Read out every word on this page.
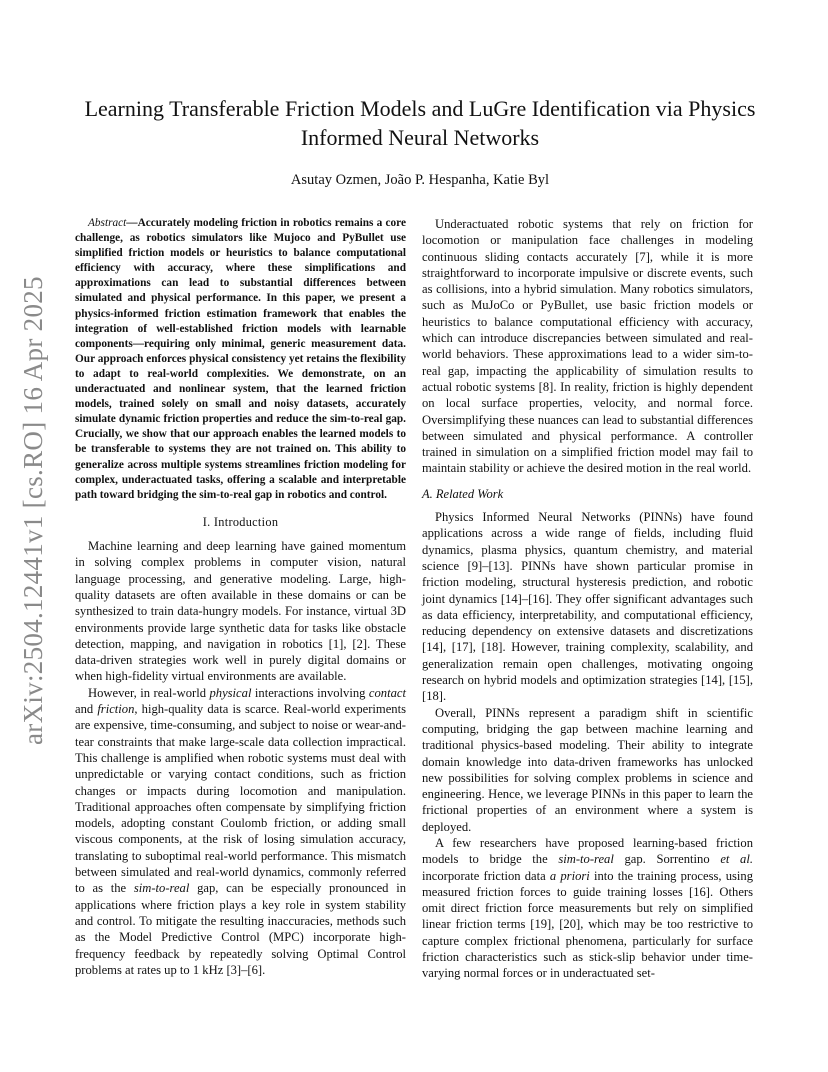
arXiv:2504.12441v1 [cs.RO] 16 Apr 2025
Learning Transferable Friction Models and LuGre Identification via Physics Informed Neural Networks
Asutay Ozmen, João P. Hespanha, Katie Byl

Abstract—Accurately modeling friction in robotics remains a core challenge, as robotics simulators like Mujoco and PyBullet use simplified friction models or heuristics to balance computational efficiency with accuracy, where these simplifications and approximations can lead to substantial differences between simulated and physical performance. In this paper, we present a physics-informed friction estimation framework that enables the integration of well-established friction models with learnable components—requiring only minimal, generic measurement data. Our approach enforces physical consistency yet retains the flexibility to adapt to real-world complexities. We demonstrate, on an underactuated and nonlinear system, that the learned friction models, trained solely on small and noisy datasets, accurately simulate dynamic friction properties and reduce the sim-to-real gap. Crucially, we show that our approach enables the learned models to be transferable to systems they are not trained on. This ability to generalize across multiple systems streamlines friction modeling for complex, underactuated tasks, offering a scalable and interpretable path toward bridging the sim-to-real gap in robotics and control.

I. Introduction

Machine learning and deep learning have gained momentum in solving complex problems in computer vision, natural language processing, and generative modeling. Large, high-quality datasets are often available in these domains or can be synthesized to train data-hungry models. For instance, virtual 3D environments provide large synthetic data for tasks like obstacle detection, mapping, and navigation in robotics [1], [2]. These data-driven strategies work well in purely digital domains or when high-fidelity virtual environments are available.

However, in real-world physical interactions involving contact and friction, high-quality data is scarce. Real-world experiments are expensive, time-consuming, and subject to noise or wear-and-tear constraints that make large-scale data collection impractical. This challenge is amplified when robotic systems must deal with unpredictable or varying contact conditions, such as friction changes or impacts during locomotion and manipulation. Traditional approaches often compensate by simplifying friction models, adopting constant Coulomb friction, or adding small viscous components, at the risk of losing simulation accuracy, translating to suboptimal real-world performance. This mismatch between simulated and real-world dynamics, commonly referred to as the sim-to-real gap, can be especially pronounced in applications where friction plays a key role in system stability and control. To mitigate the resulting inaccuracies, methods such as the Model Predictive Control (MPC) incorporate high-frequency feedback by repeatedly solving Optimal Control problems at rates up to 1 kHz [3]–[6].

Underactuated robotic systems that rely on friction for locomotion or manipulation face challenges in modeling continuous sliding contacts accurately [7], while it is more straightforward to incorporate impulsive or discrete events, such as collisions, into a hybrid simulation. Many robotics simulators, such as MuJoCo or PyBullet, use basic friction models or heuristics to balance computational efficiency with accuracy, which can introduce discrepancies between simulated and real-world behaviors. These approximations lead to a wider sim-to-real gap, impacting the applicability of simulation results to actual robotic systems [8]. In reality, friction is highly dependent on local surface properties, velocity, and normal force. Oversimplifying these nuances can lead to substantial differences between simulated and physical performance. A controller trained in simulation on a simplified friction model may fail to maintain stability or achieve the desired motion in the real world.

A. Related Work

Physics Informed Neural Networks (PINNs) have found applications across a wide range of fields, including fluid dynamics, plasma physics, quantum chemistry, and material science [9]–[13]. PINNs have shown particular promise in friction modeling, structural hysteresis prediction, and robotic joint dynamics [14]–[16]. They offer significant advantages such as data efficiency, interpretability, and computational efficiency, reducing dependency on extensive datasets and discretizations [14], [17], [18]. However, training complexity, scalability, and generalization remain open challenges, motivating ongoing research on hybrid models and optimization strategies [14], [15], [18].

Overall, PINNs represent a paradigm shift in scientific computing, bridging the gap between machine learning and traditional physics-based modeling. Their ability to integrate domain knowledge into data-driven frameworks has unlocked new possibilities for solving complex problems in science and engineering. Hence, we leverage PINNs in this paper to learn the frictional properties of an environment where a system is deployed.

A few researchers have proposed learning-based friction models to bridge the sim-to-real gap. Sorrentino et al. incorporate friction data a priori into the training process, using measured friction forces to guide training losses [16]. Others omit direct friction force measurements but rely on simplified linear friction terms [19], [20], which may be too restrictive to capture complex frictional phenomena, particularly for surface friction characteristics such as stick-slip behavior under time-varying normal forces or in underactuated set-
